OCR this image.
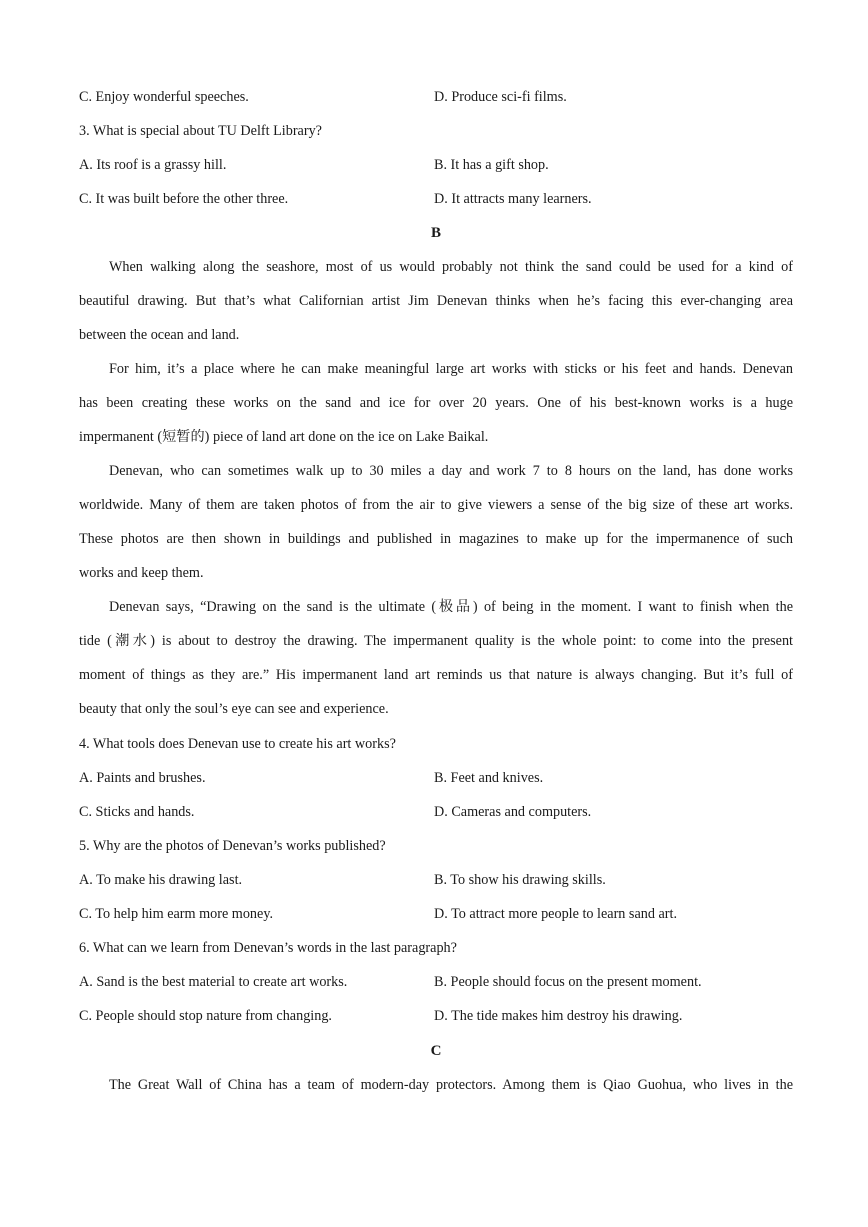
C. Enjoy wonderful speeches.	D. Produce sci-fi films.
3. What is special about TU Delft Library?
A. Its roof is a grassy hill.	B. It has a gift shop.
C. It was built before the other three.	D. It attracts many learners.
B
When walking along the seashore, most of us would probably not think the sand could be used for a kind of
beautiful drawing. But that’s what Californian artist Jim Denevan thinks when he’s facing this ever-changing area
between the ocean and land.
For him, it’s a place where he can make meaningful large art works with sticks or his feet and hands. Denevan
has been creating these works on the sand and ice for over 20 years. One of his best-known works is a huge
impermanent (短暂的) piece of land art done on the ice on Lake Baikal.
Denevan, who can sometimes walk up to 30 miles a day and work 7 to 8 hours on the land, has done works
worldwide. Many of them are taken photos of from the air to give viewers a sense of the big size of these art works.
These photos are then shown in buildings and published in magazines to make up for the impermanence of such
works and keep them.
Denevan says, “Drawing on the sand is the ultimate (极品) of being in the moment. I want to finish when the
tide (潮水) is about to destroy the drawing. The impermanent quality is the whole point: to come into the present
moment of things as they are.” His impermanent land art reminds us that nature is always changing. But it’s full of
beauty that only the soul’s eye can see and experience.
4. What tools does Denevan use to create his art works?
A. Paints and brushes.	B. Feet and knives.
C. Sticks and hands.	D. Cameras and computers.
5. Why are the photos of Denevan’s works published?
A. To make his drawing last.	B. To show his drawing skills.
C. To help him earm more money.	D. To attract more people to learn sand art.
6. What can we learn from Denevan’s words in the last paragraph?
A. Sand is the best material to create art works.	B. People should focus on the present moment.
C. People should stop nature from changing.	D. The tide makes him destroy his drawing.
C
The Great Wall of China has a team of modern-day protectors. Among them is Qiao Guohua, who lives in the
